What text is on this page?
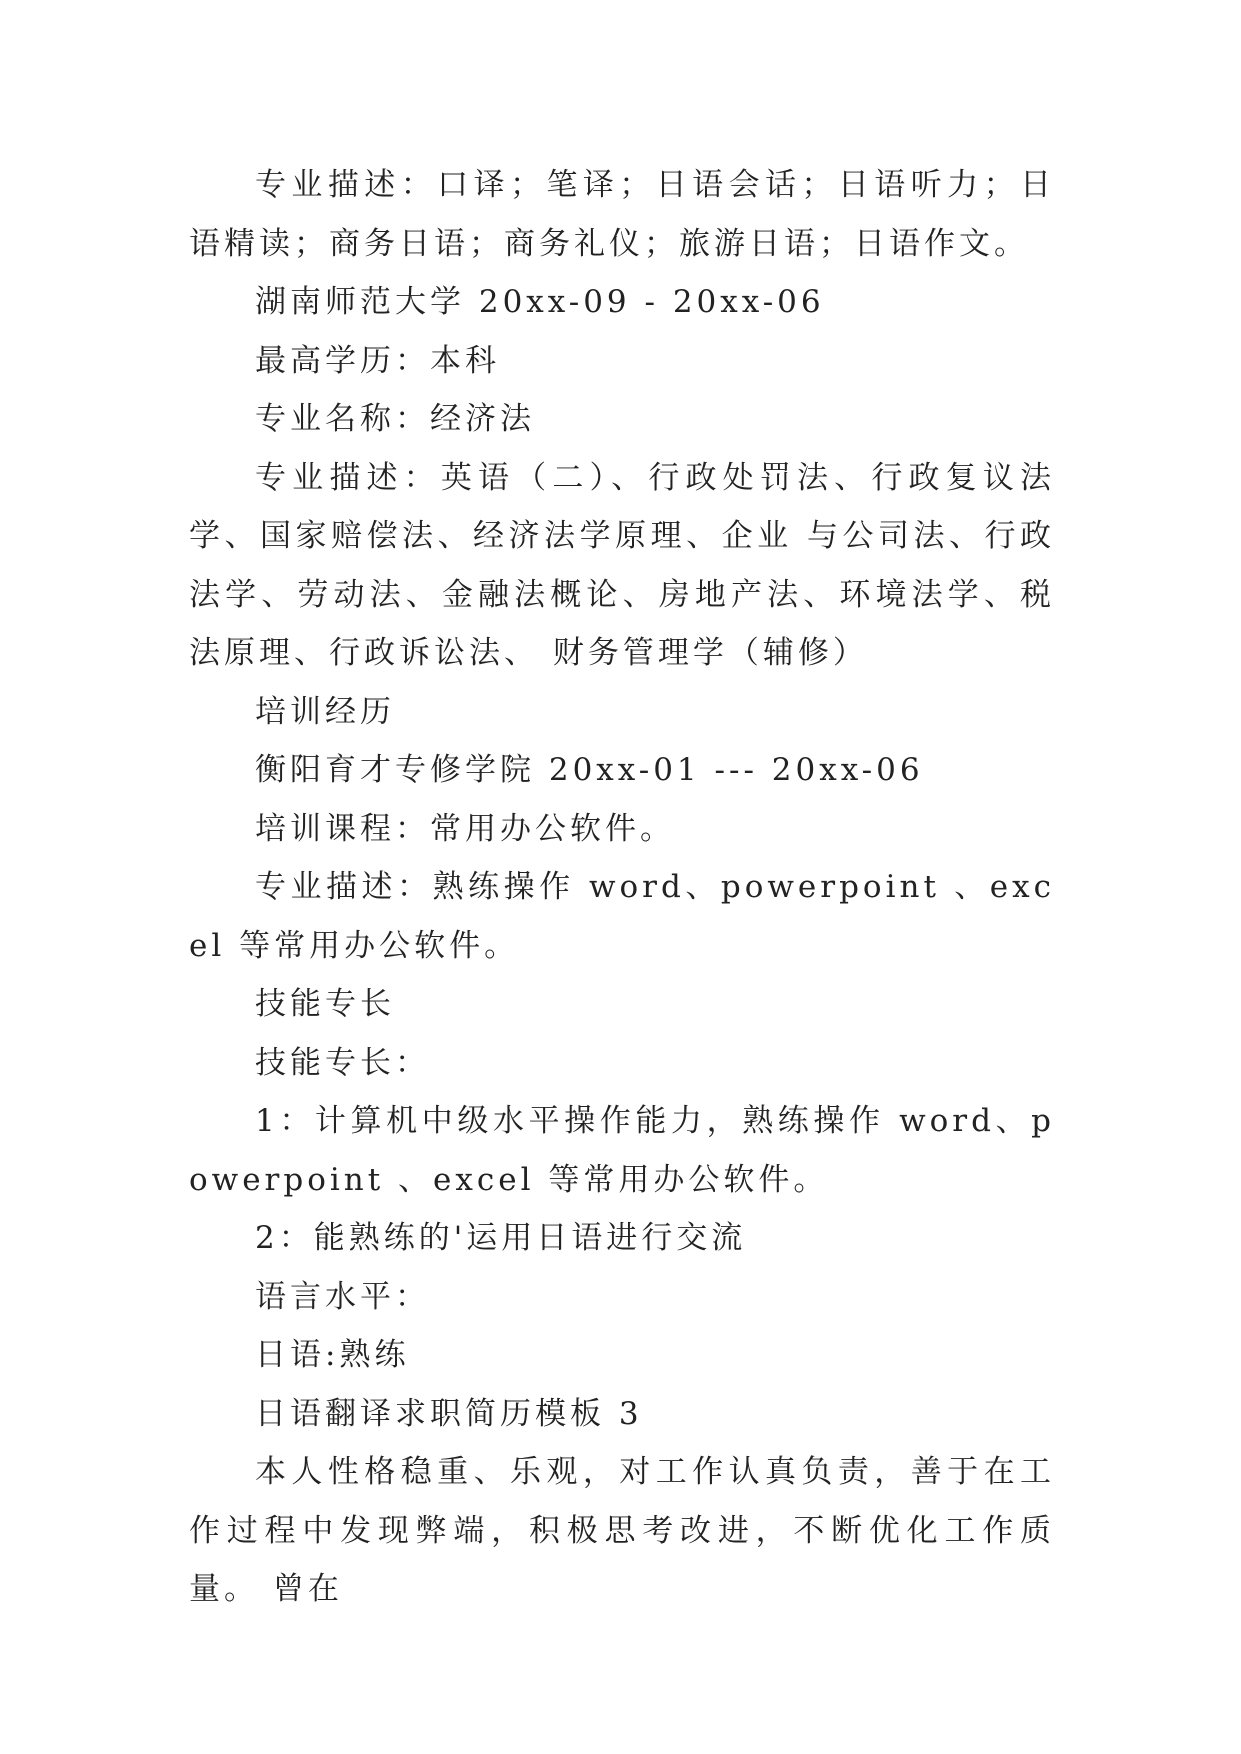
专业描述：口译；笔译；日语会话；日语听力；日语精读；商务日语；商务礼仪；旅游日语；日语作文。

湖南师范大学 20xx-09 - 20xx-06

最高学历：本科

专业名称：经济法

专业描述：英语（二）、行政处罚法、行政复议法学、国家赔偿法、经济法学原理、企业 与公司法、行政法学、劳动法、金融法概论、房地产法、环境法学、税法原理、行政诉讼法、 财务管理学（辅修）

培训经历

衡阳育才专修学院 20xx-01 --- 20xx-06

培训课程：常用办公软件。

专业描述：熟练操作 word、powerpoint 、excel 等常用办公软件。

技能专长

技能专长：

1：计算机中级水平操作能力，熟练操作 word、powerpoint 、excel 等常用办公软件。

2：能熟练的'运用日语进行交流

语言水平：

日语:熟练

日语翻译求职简历模板 3

本人性格稳重、乐观，对工作认真负责，善于在工作过程中发现弊端，积极思考改进，不断优化工作质量。 曾在
